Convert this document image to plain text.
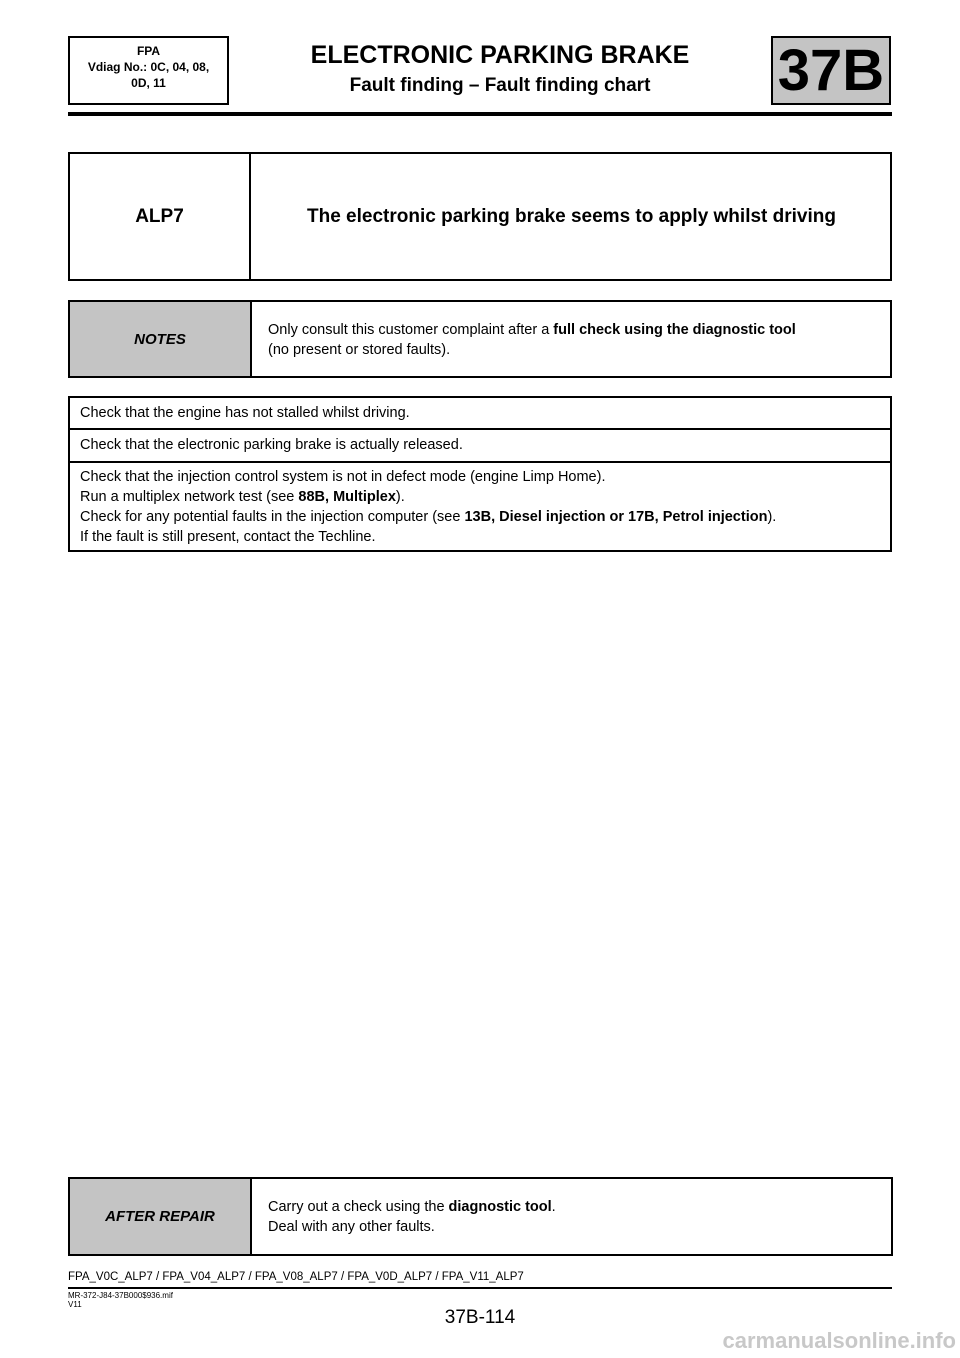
FPA
Vdiag No.: 0C, 04, 08,
0D, 11
ELECTRONIC PARKING BRAKE
Fault finding – Fault finding chart	37B
ALP7	The electronic parking brake seems to apply whilst driving
NOTES
Only consult this customer complaint after a full check using the diagnostic tool
(no present or stored faults).
Check that the engine has not stalled whilst driving.
Check that the electronic parking brake is actually released.
Check that the injection control system is not in defect mode (engine Limp Home).
Run a multiplex network test (see 88B, Multiplex).
Check for any potential faults in the injection computer (see 13B, Diesel injection or 17B, Petrol injection).
If the fault is still present, contact the Techline.
AFTER REPAIR
Carry out a check using the diagnostic tool.
Deal with any other faults.
FPA_V0C_ALP7 / FPA_V04_ALP7 / FPA_V08_ALP7 / FPA_V0D_ALP7 / FPA_V11_ALP7
MR-372-J84-37B000$936.mif
V11
37B-114
carmanualsonline.info
